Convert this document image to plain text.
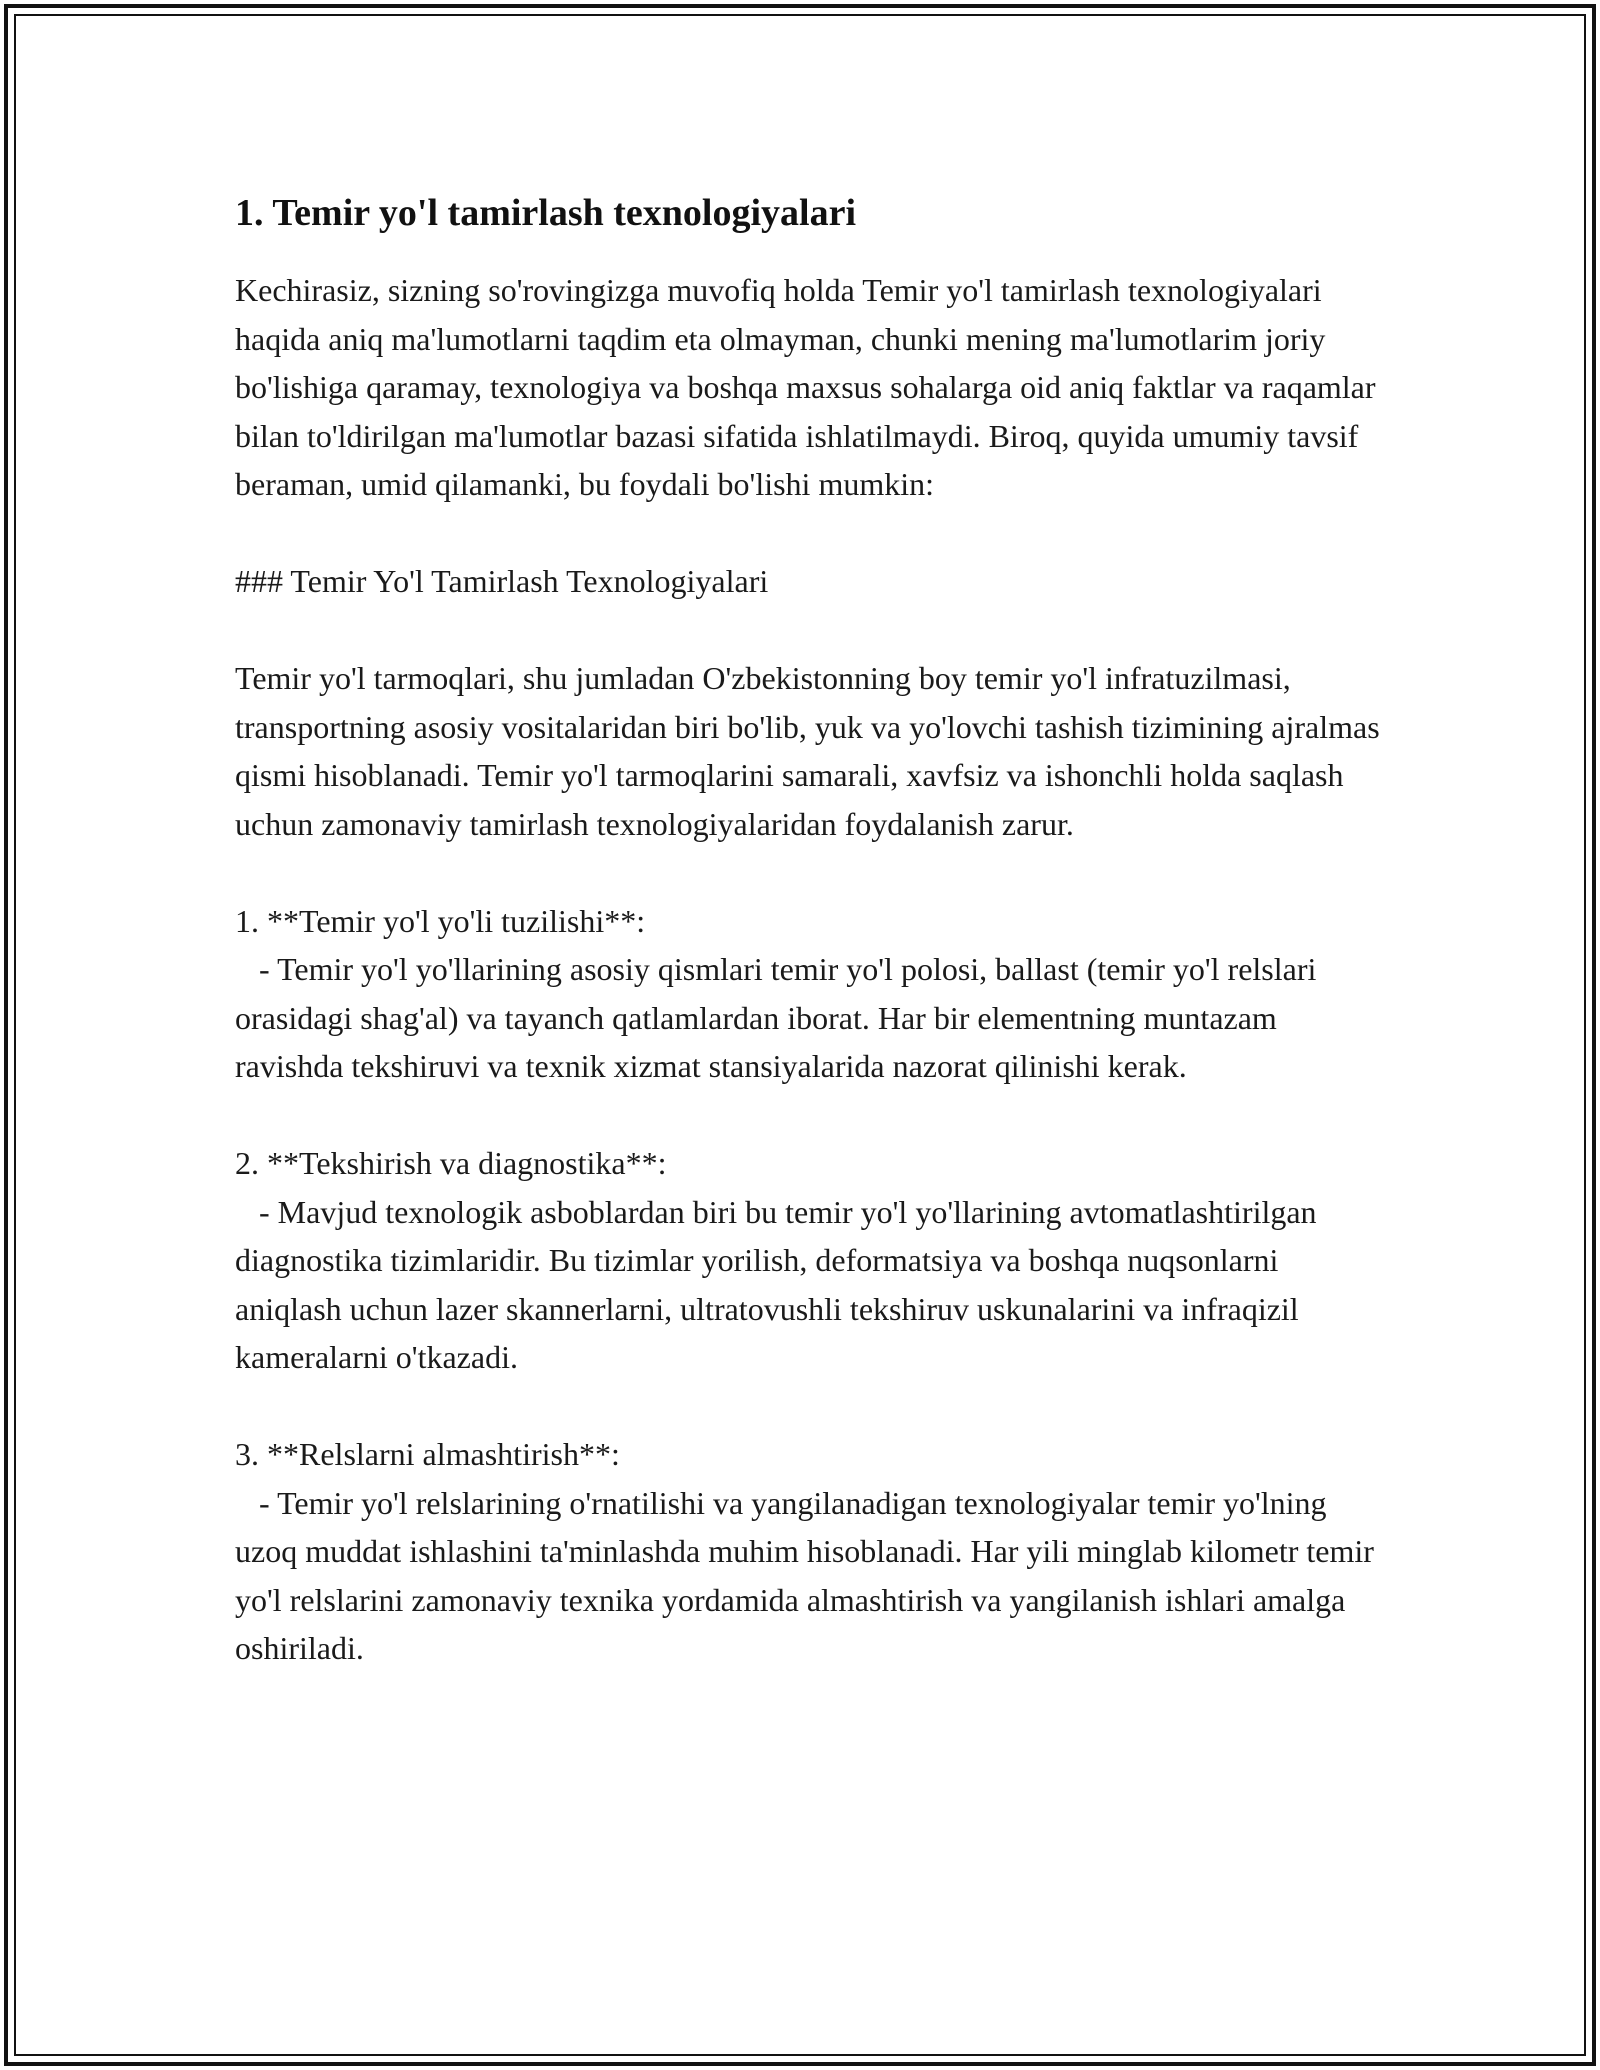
1. Temir yo'l tamirlash texnologiyalari

Kechirasiz, sizning so'rovingizga muvofiq holda Temir yo'l tamirlash texnologiyalari haqida aniq ma'lumotlarni taqdim eta olmayman, chunki mening ma'lumotlarim joriy bo'lishiga qaramay, texnologiya va boshqa maxsus sohalarga oid aniq faktlar va raqamlar bilan to'ldirilgan ma'lumotlar bazasi sifatida ishlatilmaydi. Biroq, quyida umumiy tavsif beraman, umid qilamanki, bu foydali bo'lishi mumkin:

### Temir Yo'l Tamirlash Texnologiyalari

Temir yo'l tarmoqlari, shu jumladan O'zbekistonning boy temir yo'l infratuzilmasi, transportning asosiy vositalaridan biri bo'lib, yuk va yo'lovchi tashish tizimining ajralmas qismi hisoblanadi. Temir yo'l tarmoqlarini samarali, xavfsiz va ishonchli holda saqlash uchun zamonaviy tamirlash texnologiyalaridan foydalanish zarur.

1. **Temir yo'l yo'li tuzilishi**:

- Temir yo'l yo'llarining asosiy qismlari temir yo'l polosi, ballast (temir yo'l relslari orasidagi shag'al) va tayanch qatlamlardan iborat. Har bir elementning muntazam ravishda tekshiruvi va texnik xizmat stansiyalarida nazorat qilinishi kerak.

2. **Tekshirish va diagnostika**:

- Mavjud texnologik asboblardan biri bu temir yo'l yo'llarining avtomatlashtirilgan diagnostika tizimlaridir. Bu tizimlar yorilish, deformatsiya va boshqa nuqsonlarni aniqlash uchun lazer skannerlarni, ultratovushli tekshiruv uskunalarini va infraqizil kameralarni o'tkazadi.

3. **Relslarni almashtirish**:

- Temir yo'l relslarining o'rnatilishi va yangilanadigan texnologiyalar temir yo'lning uzoq muddat ishlashini ta'minlashda muhim hisoblanadi. Har yili minglab kilometr temir yo'l relslarini zamonaviy texnika yordamida almashtirish va yangilanish ishlari amalga oshiriladi.
